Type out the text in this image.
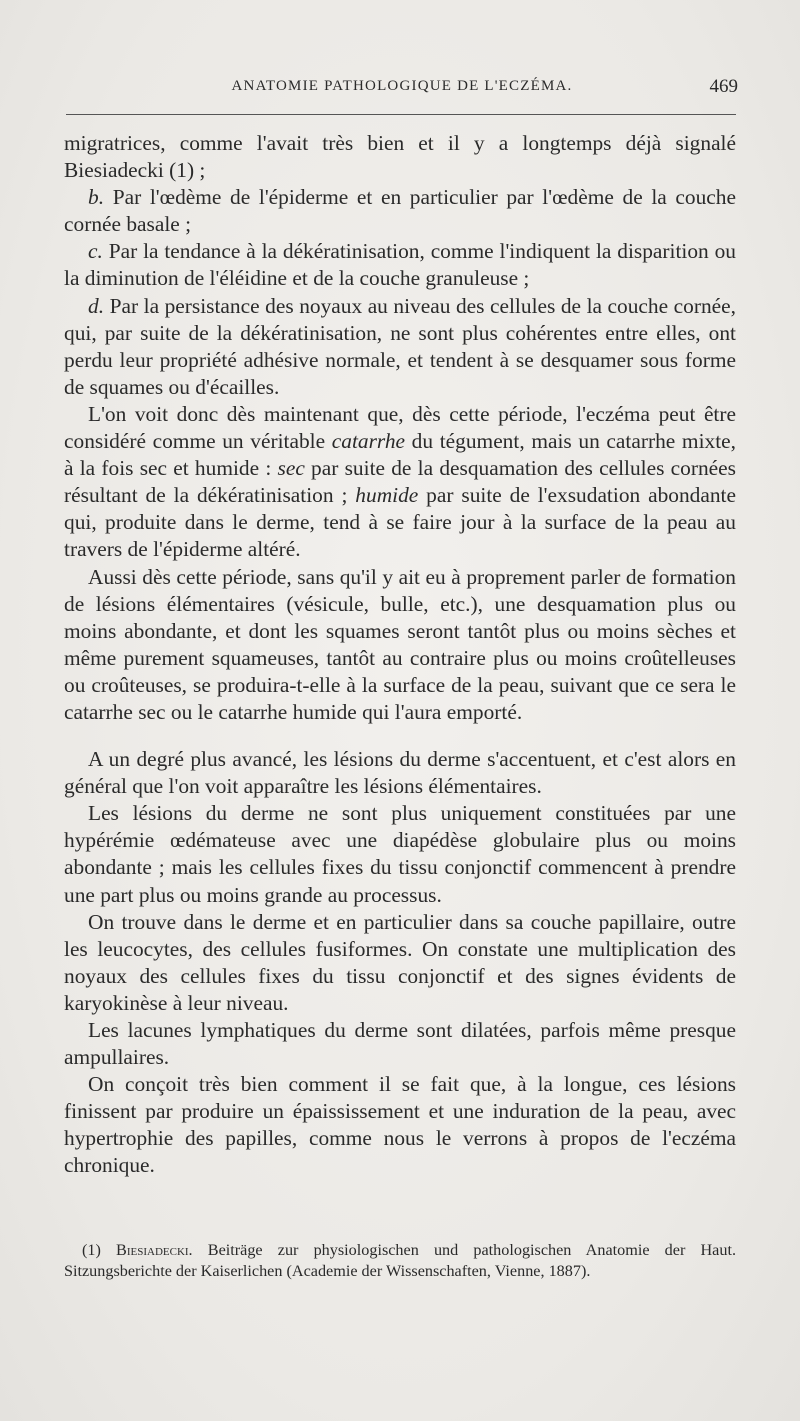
ANATOMIE PATHOLOGIQUE DE L'ECZÉMA.	469

migratrices, comme l'avait très bien et il y a longtemps déjà signalé Biesiadecki (1) ;

b. Par l'œdème de l'épiderme et en particulier par l'œdème de la couche cornée basale ;

c. Par la tendance à la dékératinisation, comme l'indiquent la disparition ou la diminution de l'éléidine et de la couche granuleuse ;

d. Par la persistance des noyaux au niveau des cellules de la couche cornée, qui, par suite de la dékératinisation, ne sont plus cohérentes entre elles, ont perdu leur propriété adhésive normale, et tendent à se desquamer sous forme de squames ou d'écailles.

L'on voit donc dès maintenant que, dès cette période, l'eczéma peut être considéré comme un véritable catarrhe du tégument, mais un catarrhe mixte, à la fois sec et humide : sec par suite de la desquamation des cellules cornées résultant de la dékératinisation ; humide par suite de l'exsudation abondante qui, produite dans le derme, tend à se faire jour à la surface de la peau au travers de l'épiderme altéré.

Aussi dès cette période, sans qu'il y ait eu à proprement parler de formation de lésions élémentaires (vésicule, bulle, etc.), une desquamation plus ou moins abondante, et dont les squames seront tantôt plus ou moins sèches et même purement squameuses, tantôt au contraire plus ou moins croûtelleuses ou croûteuses, se produira-t-elle à la surface de la peau, suivant que ce sera le catarrhe sec ou le catarrhe humide qui l'aura emporté.

A un degré plus avancé, les lésions du derme s'accentuent, et c'est alors en général que l'on voit apparaître les lésions élémentaires.

Les lésions du derme ne sont plus uniquement constituées par une hypérémie œdémateuse avec une diapédèse globulaire plus ou moins abondante ; mais les cellules fixes du tissu conjonctif commencent à prendre une part plus ou moins grande au processus.

On trouve dans le derme et en particulier dans sa couche papillaire, outre les leucocytes, des cellules fusiformes. On constate une multiplication des noyaux des cellules fixes du tissu conjonctif et des signes évidents de karyokinèse à leur niveau.

Les lacunes lymphatiques du derme sont dilatées, parfois même presque ampullaires.

On conçoit très bien comment il se fait que, à la longue, ces lésions finissent par produire un épaississement et une induration de la peau, avec hypertrophie des papilles, comme nous le verrons à propos de l'eczéma chronique.

(1) Biesiadecki. Beiträge zur physiologischen und pathologischen Anatomie der Haut. Sitzungsberichte der Kaiserlichen (Academie der Wissenschaften, Vienne, 1887).
